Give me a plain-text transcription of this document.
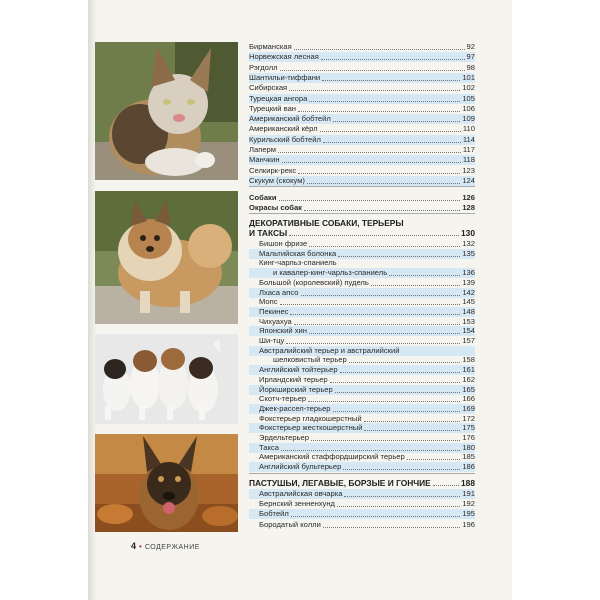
Бирманская	92
Норвежская лесная	97
Рэгдолл	98
Шантильи-тиффани	101
Сибирская	102
Турецкая ангора	105
Турецкий ван	106
Американский бобтейл	109
Американский кёрл	110
Курильский бобтейл	114
Лаперм	117
Манчкин	118
Селкирк-рекс	123
Скукум (скокум)	124
Собаки	126
Окрасы собак	128
ДЕКОРАТИВНЫЕ СОБАКИ, ТЕРЬЕРЫ
И ТАКСЫ	130
Бишон фризе	132
Мальтийская болонка	135
Кинг-чарльз-спаниель
и кавалер-кинг-чарльз-спаниель	136
Большой (королевский) пудель	139
Лхаса апсо	142
Мопс	145
Пекинес	148
Чихуахуа	153
Японский хин	154
Ши-тцу	157
Австралийский терьер и австралийский
шелковистый терьер	158
Английский тойтерьер	161
Ирландский терьер	162
Йоркширский терьер	165
Скотч-терьер	166
Джек-рассел-терьер	169
Фокстерьер гладкошерстный	172
Фокстерьер жесткошерстный	175
Эрдельтерьер	176
Такса	180
Американский стаффордширский терьер	185
Английский бультерьер	186
ПАСТУШЬИ, ЛЕГАВЫЕ, БОРЗЫЕ И ГОНЧИЕ	188
Австралийская овчарка	191
Бернский зенненхунд	192
Бобтейл	195
Бородатый колли	196
4 • СОДЕРЖАНИЕ
